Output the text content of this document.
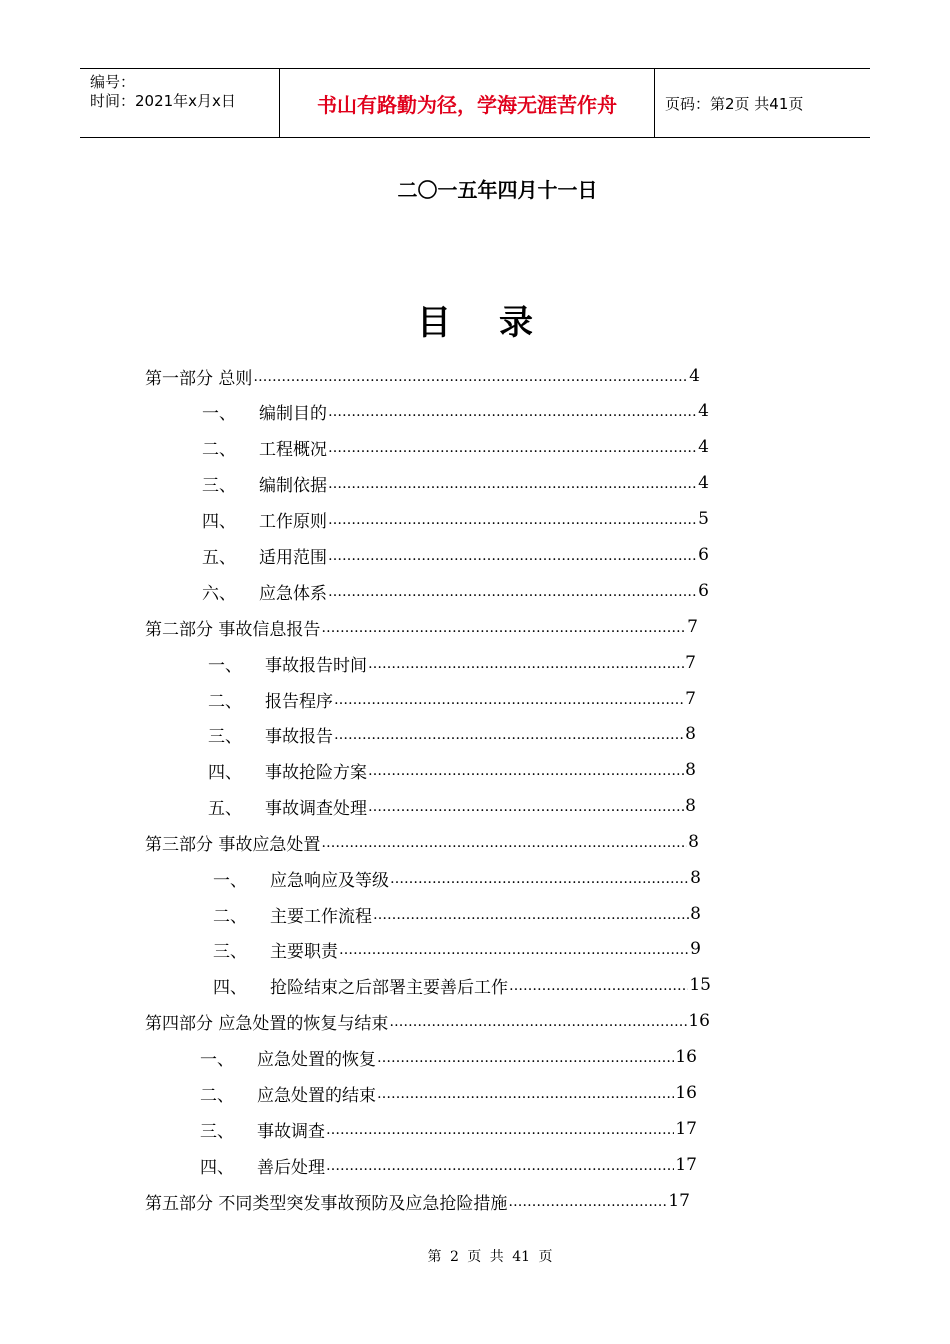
编号：
时间：2021年x月x日	书山有路勤为径，学海无涯苦作舟	页码：第2页 共41页
二〇一五年四月十一日
目录
第一部分 总则 ……………………………………………………………………………………………………………………………………………………………………………	4
一、	编制目的 ……………………………………………………………………………………………………………………………………………………………………………	4
二、	工程概况 ……………………………………………………………………………………………………………………………………………………………………………	4
三、	编制依据 ……………………………………………………………………………………………………………………………………………………………………………	4
四、	工作原则 ……………………………………………………………………………………………………………………………………………………………………………	5
五、	适用范围 ……………………………………………………………………………………………………………………………………………………………………………	6
六、	应急体系 ……………………………………………………………………………………………………………………………………………………………………………	6
第二部分 事故信息报告 ……………………………………………………………………………………………………………………………………………………………………………	7
一、	事故报告时间 ……………………………………………………………………………………………………………………………………………………………………………	7
二、	报告程序 ……………………………………………………………………………………………………………………………………………………………………………	7
三、	事故报告 ……………………………………………………………………………………………………………………………………………………………………………	8
四、	事故抢险方案 ……………………………………………………………………………………………………………………………………………………………………………	8
五、	事故调查处理 ……………………………………………………………………………………………………………………………………………………………………………	8
第三部分 事故应急处置 ……………………………………………………………………………………………………………………………………………………………………………	8
一、	应急响应及等级 ……………………………………………………………………………………………………………………………………………………………………………	8
二、	主要工作流程 ……………………………………………………………………………………………………………………………………………………………………………	8
三、	主要职责 ……………………………………………………………………………………………………………………………………………………………………………	9
四、	抢险结束之后部署主要善后工作 ……………………………………………………………………………………………………………………………………………………………………………	15
第四部分 应急处置的恢复与结束 ……………………………………………………………………………………………………………………………………………………………………………	16
一、	应急处置的恢复 ……………………………………………………………………………………………………………………………………………………………………………	16
二、	应急处置的结束 ……………………………………………………………………………………………………………………………………………………………………………	16
三、	事故调查 ……………………………………………………………………………………………………………………………………………………………………………	17
四、	善后处理 ……………………………………………………………………………………………………………………………………………………………………………	17
第五部分 不同类型突发事故预防及应急抢险措施 ……………………………………………………………………………………………………………………………………………………………………………	17
第 2 页 共 41 页
